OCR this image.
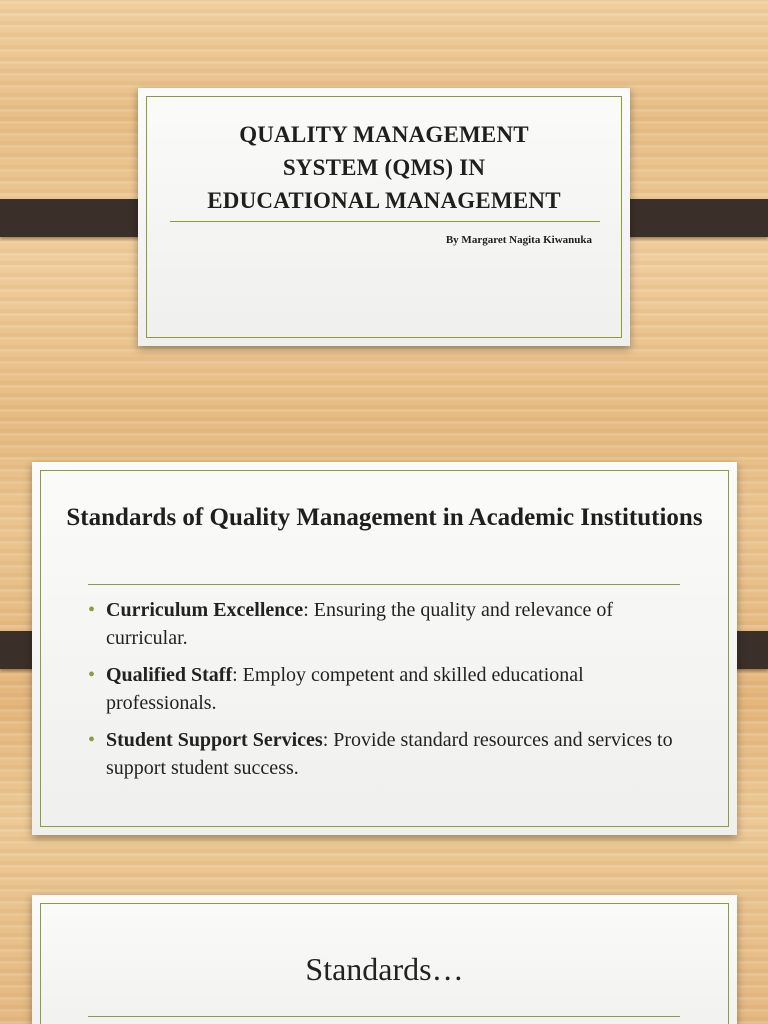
QUALITY MANAGEMENT
SYSTEM (QMS) IN
EDUCATIONAL MANAGEMENT
By Margaret Nagita Kiwanuka
Standards of Quality Management in Academic Institutions
• Curriculum Excellence: Ensuring the quality and relevance of curricular.
• Qualified Staff: Employ competent and skilled educational professionals.
• Student Support Services: Provide standard resources and services to support student success.
Standards…
